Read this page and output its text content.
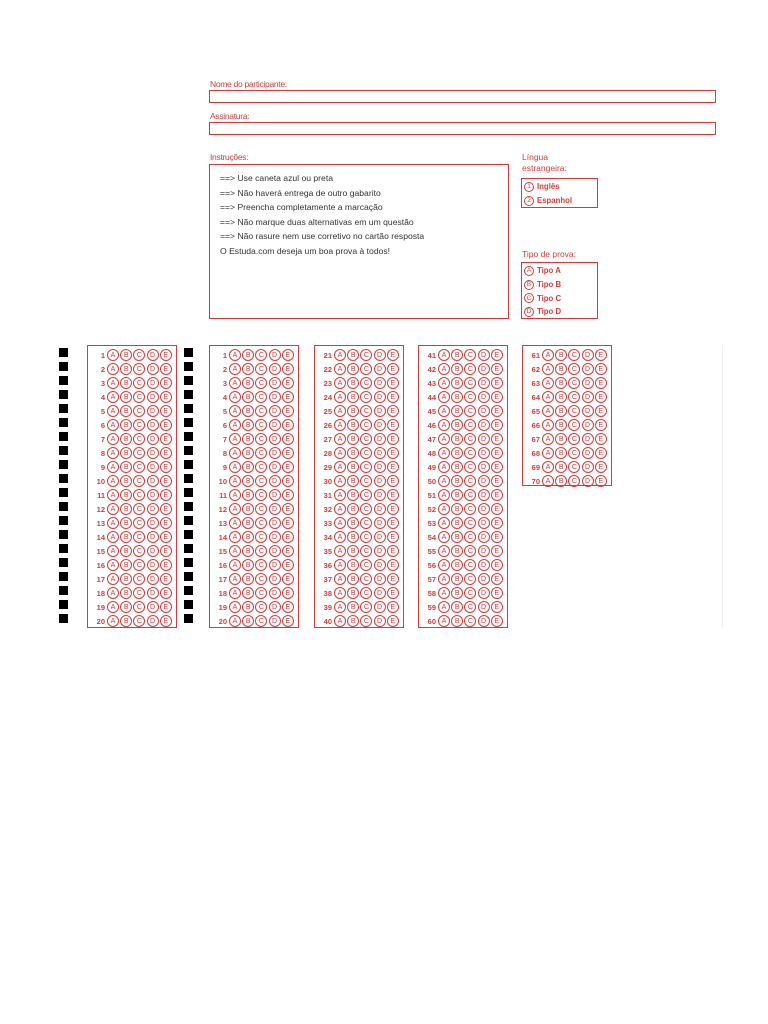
Nome do participante:
Assinatura:
Instruções:
==> Use caneta azul ou preta
==> Não haverá entrega de outro gabarito
==> Preencha completamente a marcação
==> Não marque duas alternativas em um questão
==> Não rasure nem use corretivo no cartão resposta
O Estuda.com deseja um boa prova à todos!
Língua estrangeira:
1 Inglês
2 Espanhol
Tipo de prova:
A Tipo A
B Tipo B
C Tipo C
D Tipo D
1 A	B	C	D	E
2 A	B	C	D	E
3 A	B	C	D	E
4 A	B	C	D	E
5 A	B	C	D	E
6 A	B	C	D	E
7 A	B	C	D	E
8 A	B	C	D	E
9 A	B	C	D	E
10 A	B	C	D	E
11 A	B	C	D	E
12 A	B	C	D	E
13 A	B	C	D	E
14 A	B	C	D	E
15 A	B	C	D	E
16 A	B	C	D	E
17 A	B	C	D	E
18 A	B	C	D	E
19 A	B	C	D	E
20 A	B	C	D	E
1 A	B	C	D	E
2 A	B	C	D	E
3 A	B	C	D	E
4 A	B	C	D	E
5 A	B	C	D	E
6 A	B	C	D	E
7 A	B	C	D	E
8 A	B	C	D	E
9 A	B	C	D	E
10 A	B	C	D	E
11 A	B	C	D	E
12 A	B	C	D	E
13 A	B	C	D	E
14 A	B	C	D	E
15 A	B	C	D	E
16 A	B	C	D	E
17 A	B	C	D	E
18 A	B	C	D	E
19 A	B	C	D	E
20 A	B	C	D	E
21 A	B	C	D	E
22 A	B	C	D	E
23 A	B	C	D	E
24 A	B	C	D	E
25 A	B	C	D	E
26 A	B	C	D	E
27 A	B	C	D	E
28 A	B	C	D	E
29 A	B	C	D	E
30 A	B	C	D	E
31 A	B	C	D	E
32 A	B	C	D	E
33 A	B	C	D	E
34 A	B	C	D	E
35 A	B	C	D	E
36 A	B	C	D	E
37 A	B	C	D	E
38 A	B	C	D	E
39 A	B	C	D	E
40 A	B	C	D	E
41 A	B	C	D	E
42 A	B	C	D	E
43 A	B	C	D	E
44 A	B	C	D	E
45 A	B	C	D	E
46 A	B	C	D	E
47 A	B	C	D	E
48 A	B	C	D	E
49 A	B	C	D	E
50 A	B	C	D	E
51 A	B	C	D	E
52 A	B	C	D	E
53 A	B	C	D	E
54 A	B	C	D	E
55 A	B	C	D	E
56 A	B	C	D	E
57 A	B	C	D	E
58 A	B	C	D	E
59 A	B	C	D	E
60 A	B	C	D	E
61 A	B	C	D	E
62 A	B	C	D	E
63 A	B	C	D	E
64 A	B	C	D	E
65 A	B	C	D	E
66 A	B	C	D	E
67 A	B	C	D	E
68 A	B	C	D	E
69 A	B	C	D	E
70 A	B	C	D	E
